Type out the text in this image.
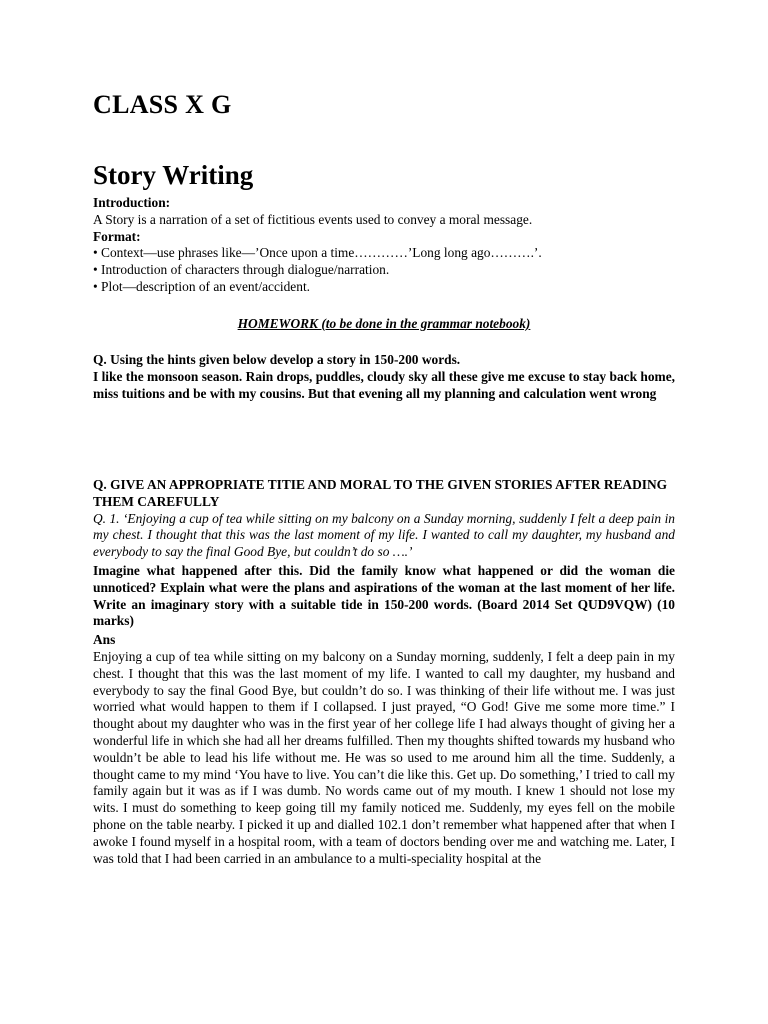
CLASS X G
Story Writing

Introduction:

A Story is a narration of a set of fictitious events used to convey a moral message.

Format:

• Context—use phrases like—’Once upon a time…………’Long long ago……….’.
• Introduction of characters through dialogue/narration.
• Plot—description of an event/accident.

HOMEWORK (to be done in the grammar notebook)

Q. Using the hints given below develop a story in 150-200 words.

I like the monsoon season. Rain drops, puddles, cloudy sky all these give me excuse to stay back home, miss tuitions and be with my cousins. But that evening all my planning and calculation went wrong

Q. GIVE AN APPROPRIATE TITIE AND MORAL TO THE GIVEN STORIES AFTER READING THEM CAREFULLY

Q. 1. ‘Enjoying a cup of tea while sitting on my balcony on a Sunday morning, suddenly I felt a deep pain in my chest. I thought that this was the last moment of my life. I wanted to call my daughter, my husband and everybody to say the final Good Bye, but couldn’t do so ….’

Imagine what happened after this. Did the family know what happened or did the woman die unnoticed? Explain what were the plans and aspirations of the woman at the last moment of her life. Write an imaginary story with a suitable tide in 150-200 words. (Board 2014 Set QUD9VQW) (10 marks)

Ans

Enjoying a cup of tea while sitting on my balcony on a Sunday morning, suddenly, I felt a deep pain in my chest. I thought that this was the last moment of my life. I wanted to call my daughter, my husband and everybody to say the final Good Bye, but couldn’t do so. I was thinking of their life without me. I was just worried what would happen to them if I collapsed. I just prayed, “O God! Give me some more time.” I thought about my daughter who was in the first year of her college life I had always thought of giving her a wonderful life in which she had all her dreams fulfilled. Then my thoughts shifted towards my husband who wouldn’t be able to lead his life without me. He was so used to me around him all the time. Suddenly, a thought came to my mind ‘You have to live. You can’t die like this. Get up. Do something,’ I tried to call my family again but it was as if I was dumb. No words came out of my mouth. I knew 1 should not lose my wits. I must do something to keep going till my family noticed me. Suddenly, my eyes fell on the mobile phone on the table nearby. I picked it up and dialled 102.1 don’t remember what happened after that when I awoke I found myself in a hospital room, with a team of doctors bending over me and watching me. Later, I was told that I had been carried in an ambulance to a multi-speciality hospital at the
